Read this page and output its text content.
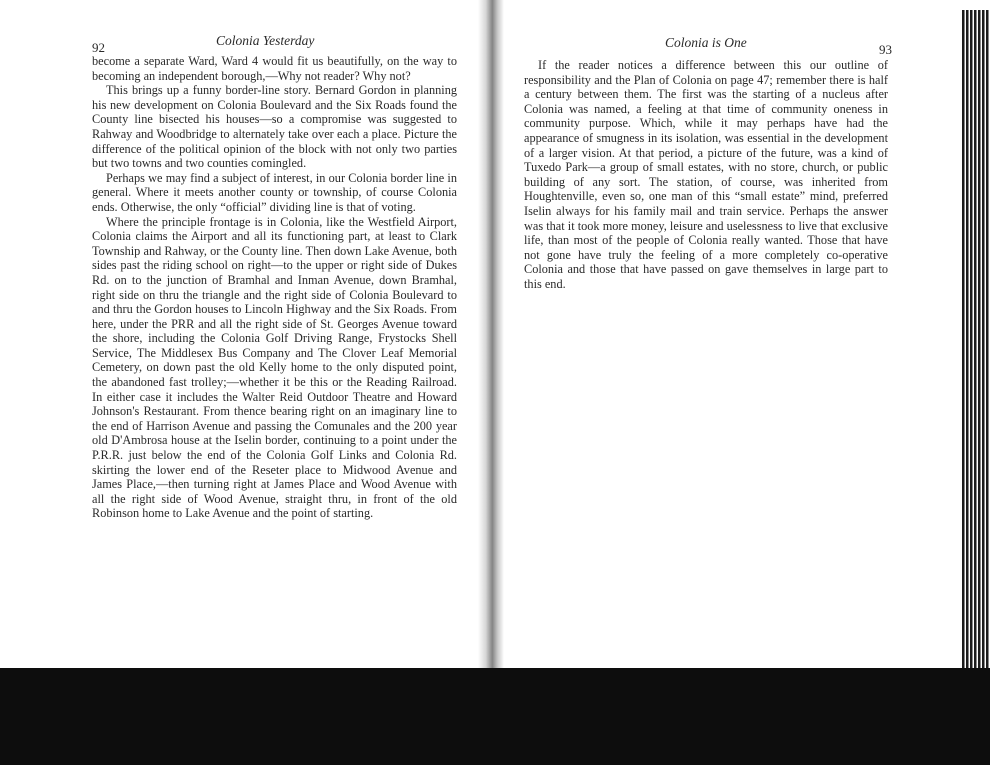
92	Colonia Yesterday

become a separate Ward, Ward 4 would fit us beautifully, on the way to becoming an independent borough,—Why not reader? Why not?

This brings up a funny border-line story. Bernard Gordon in planning his new development on Colonia Boulevard and the Six Roads found the County line bisected his houses—so a compromise was suggested to Rahway and Woodbridge to alternately take over each a place. Picture the difference of the political opinion of the block with not only two parties but two towns and two counties comingled.

Perhaps we may find a subject of interest, in our Colonia border line in general. Where it meets another county or township, of course Colonia ends. Otherwise, the only “official” dividing line is that of voting.

Where the principle frontage is in Colonia, like the Westfield Airport, Colonia claims the Airport and all its functioning part, at least to Clark Township and Rahway, or the County line. Then down Lake Avenue, both sides past the riding school on right—to the upper or right side of Dukes Rd. on to the junction of Bramhal and Inman Avenue, down Bramhal, right side on thru the triangle and the right side of Colonia Boulevard to and thru the Gordon houses to Lincoln Highway and the Six Roads. From here, under the PRR and all the right side of St. Georges Avenue toward the shore, including the Colonia Golf Driving Range, Frystocks Shell Service, The Middlesex Bus Company and The Clover Leaf Memorial Cemetery, on down past the old Kelly home to the only disputed point, the abandoned fast trolley;—whether it be this or the Reading Railroad. In either case it includes the Walter Reid Outdoor Theatre and Howard Johnson's Restaurant. From thence bearing right on an imaginary line to the end of Harrison Avenue and passing the Comunales and the 200 year old D'Ambrosa house at the Iselin border, continuing to a point under the P.R.R. just below the end of the Colonia Golf Links and Colonia Rd. skirting the lower end of the Reseter place to Midwood Avenue and James Place,—then turning right at James Place and Wood Avenue with all the right side of Wood Avenue, straight thru, in front of the old Robinson home to Lake Avenue and the point of starting.

Colonia is One	93

If the reader notices a difference between this our outline of responsibility and the Plan of Colonia on page 47; remember there is half a century between them. The first was the starting of a nucleus after Colonia was named, a feeling at that time of community oneness in community purpose. Which, while it may perhaps have had the appearance of smugness in its isolation, was essential in the development of a larger vision. At that period, a picture of the future, was a kind of Tuxedo Park—a group of small estates, with no store, church, or public building of any sort. The station, of course, was inherited from Houghtenville, even so, one man of this “small estate” mind, preferred Iselin always for his family mail and train service. Perhaps the answer was that it took more money, leisure and uselessness to live that exclusive life, than most of the people of Colonia really wanted. Those that have not gone have truly the feeling of a more completely co-operative Colonia and those that have passed on gave themselves in large part to this end.
